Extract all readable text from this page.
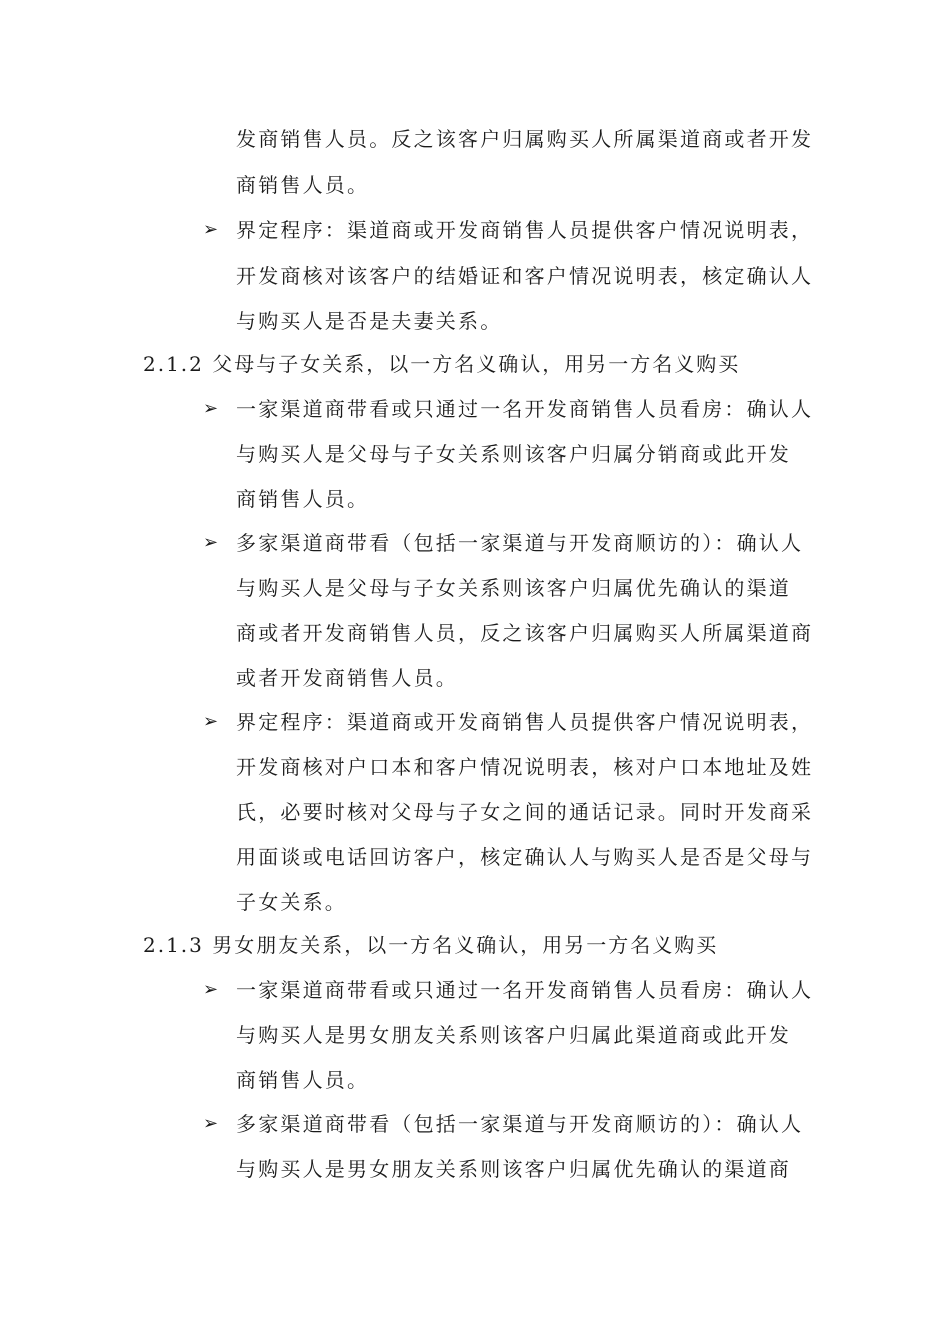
发商销售人员。反之该客户归属购买人所属渠道商或者开发
商销售人员。
➢ 界定程序：渠道商或开发商销售人员提供客户情况说明表，
开发商核对该客户的结婚证和客户情况说明表，核定确认人
与购买人是否是夫妻关系。
2.1.2 父母与子女关系，以一方名义确认，用另一方名义购买
➢ 一家渠道商带看或只通过一名开发商销售人员看房：确认人
与购买人是父母与子女关系则该客户归属分销商或此开发
商销售人员。
➢ 多家渠道商带看（包括一家渠道与开发商顺访的）：确认人
与购买人是父母与子女关系则该客户归属优先确认的渠道
商或者开发商销售人员，反之该客户归属购买人所属渠道商
或者开发商销售人员。
➢ 界定程序：渠道商或开发商销售人员提供客户情况说明表，
开发商核对户口本和客户情况说明表，核对户口本地址及姓
氏，必要时核对父母与子女之间的通话记录。同时开发商采
用面谈或电话回访客户，核定确认人与购买人是否是父母与
子女关系。
2.1.3 男女朋友关系，以一方名义确认，用另一方名义购买
➢ 一家渠道商带看或只通过一名开发商销售人员看房：确认人
与购买人是男女朋友关系则该客户归属此渠道商或此开发
商销售人员。
➢ 多家渠道商带看（包括一家渠道与开发商顺访的）：确认人
与购买人是男女朋友关系则该客户归属优先确认的渠道商
